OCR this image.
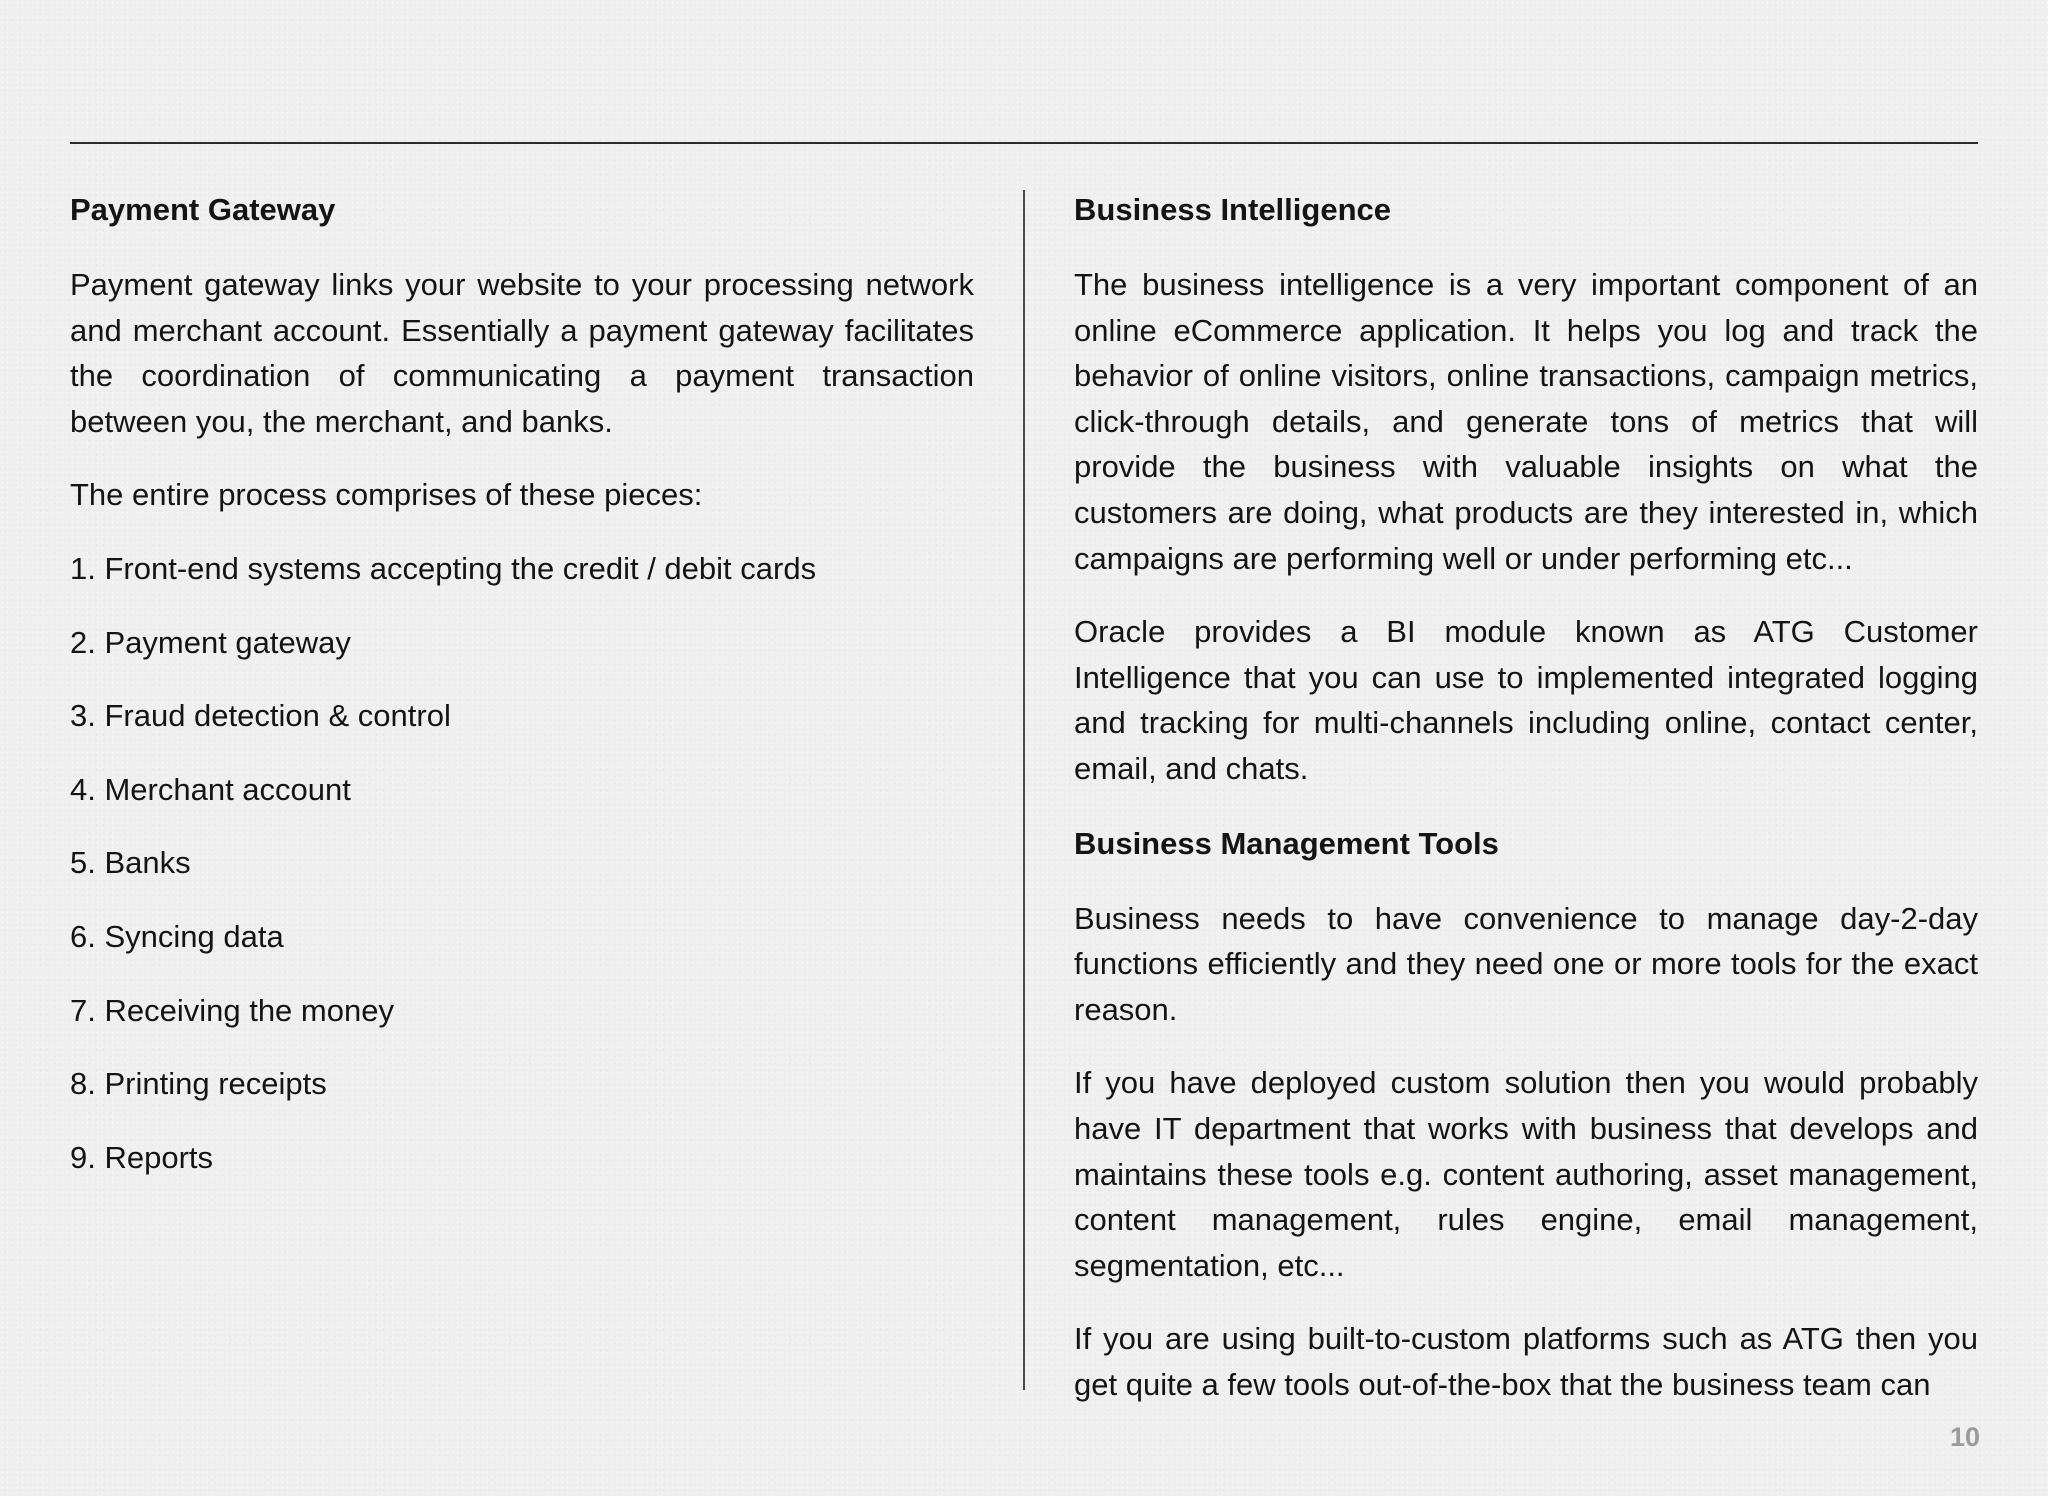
Payment Gateway

Payment gateway links your website to your processing network and merchant account. Essentially a payment gateway facilitates the coordination of communicating a payment transaction between you, the merchant, and banks.

The entire process comprises of these pieces:

1. Front-end systems accepting the credit / debit cards
2. Payment gateway
3. Fraud detection & control
4. Merchant account
5. Banks
6. Syncing data
7. Receiving the money
8. Printing receipts
9. Reports
Business Intelligence

The business intelligence is a very important component of an online eCommerce application. It helps you log and track the behavior of online visitors, online transactions, campaign metrics, click-through details, and generate tons of metrics that will provide the business with valuable insights on what the customers are doing, what products are they interested in, which campaigns are performing well or under performing etc...

Oracle provides a BI module known as ATG Customer Intelligence that you can use to implemented integrated logging and tracking for multi-channels including online, contact center, email, and chats.

Business Management Tools

Business needs to have convenience to manage day-2-day functions efficiently and they need one or more tools for the exact reason.

If you have deployed custom solution then you would probably have IT department that works with business that develops and maintains these tools e.g. content authoring, asset management, content management, rules engine, email management, segmentation, etc...

If you are using built-to-custom platforms such as ATG then you get quite a few tools out-of-the-box that the business team can

10
